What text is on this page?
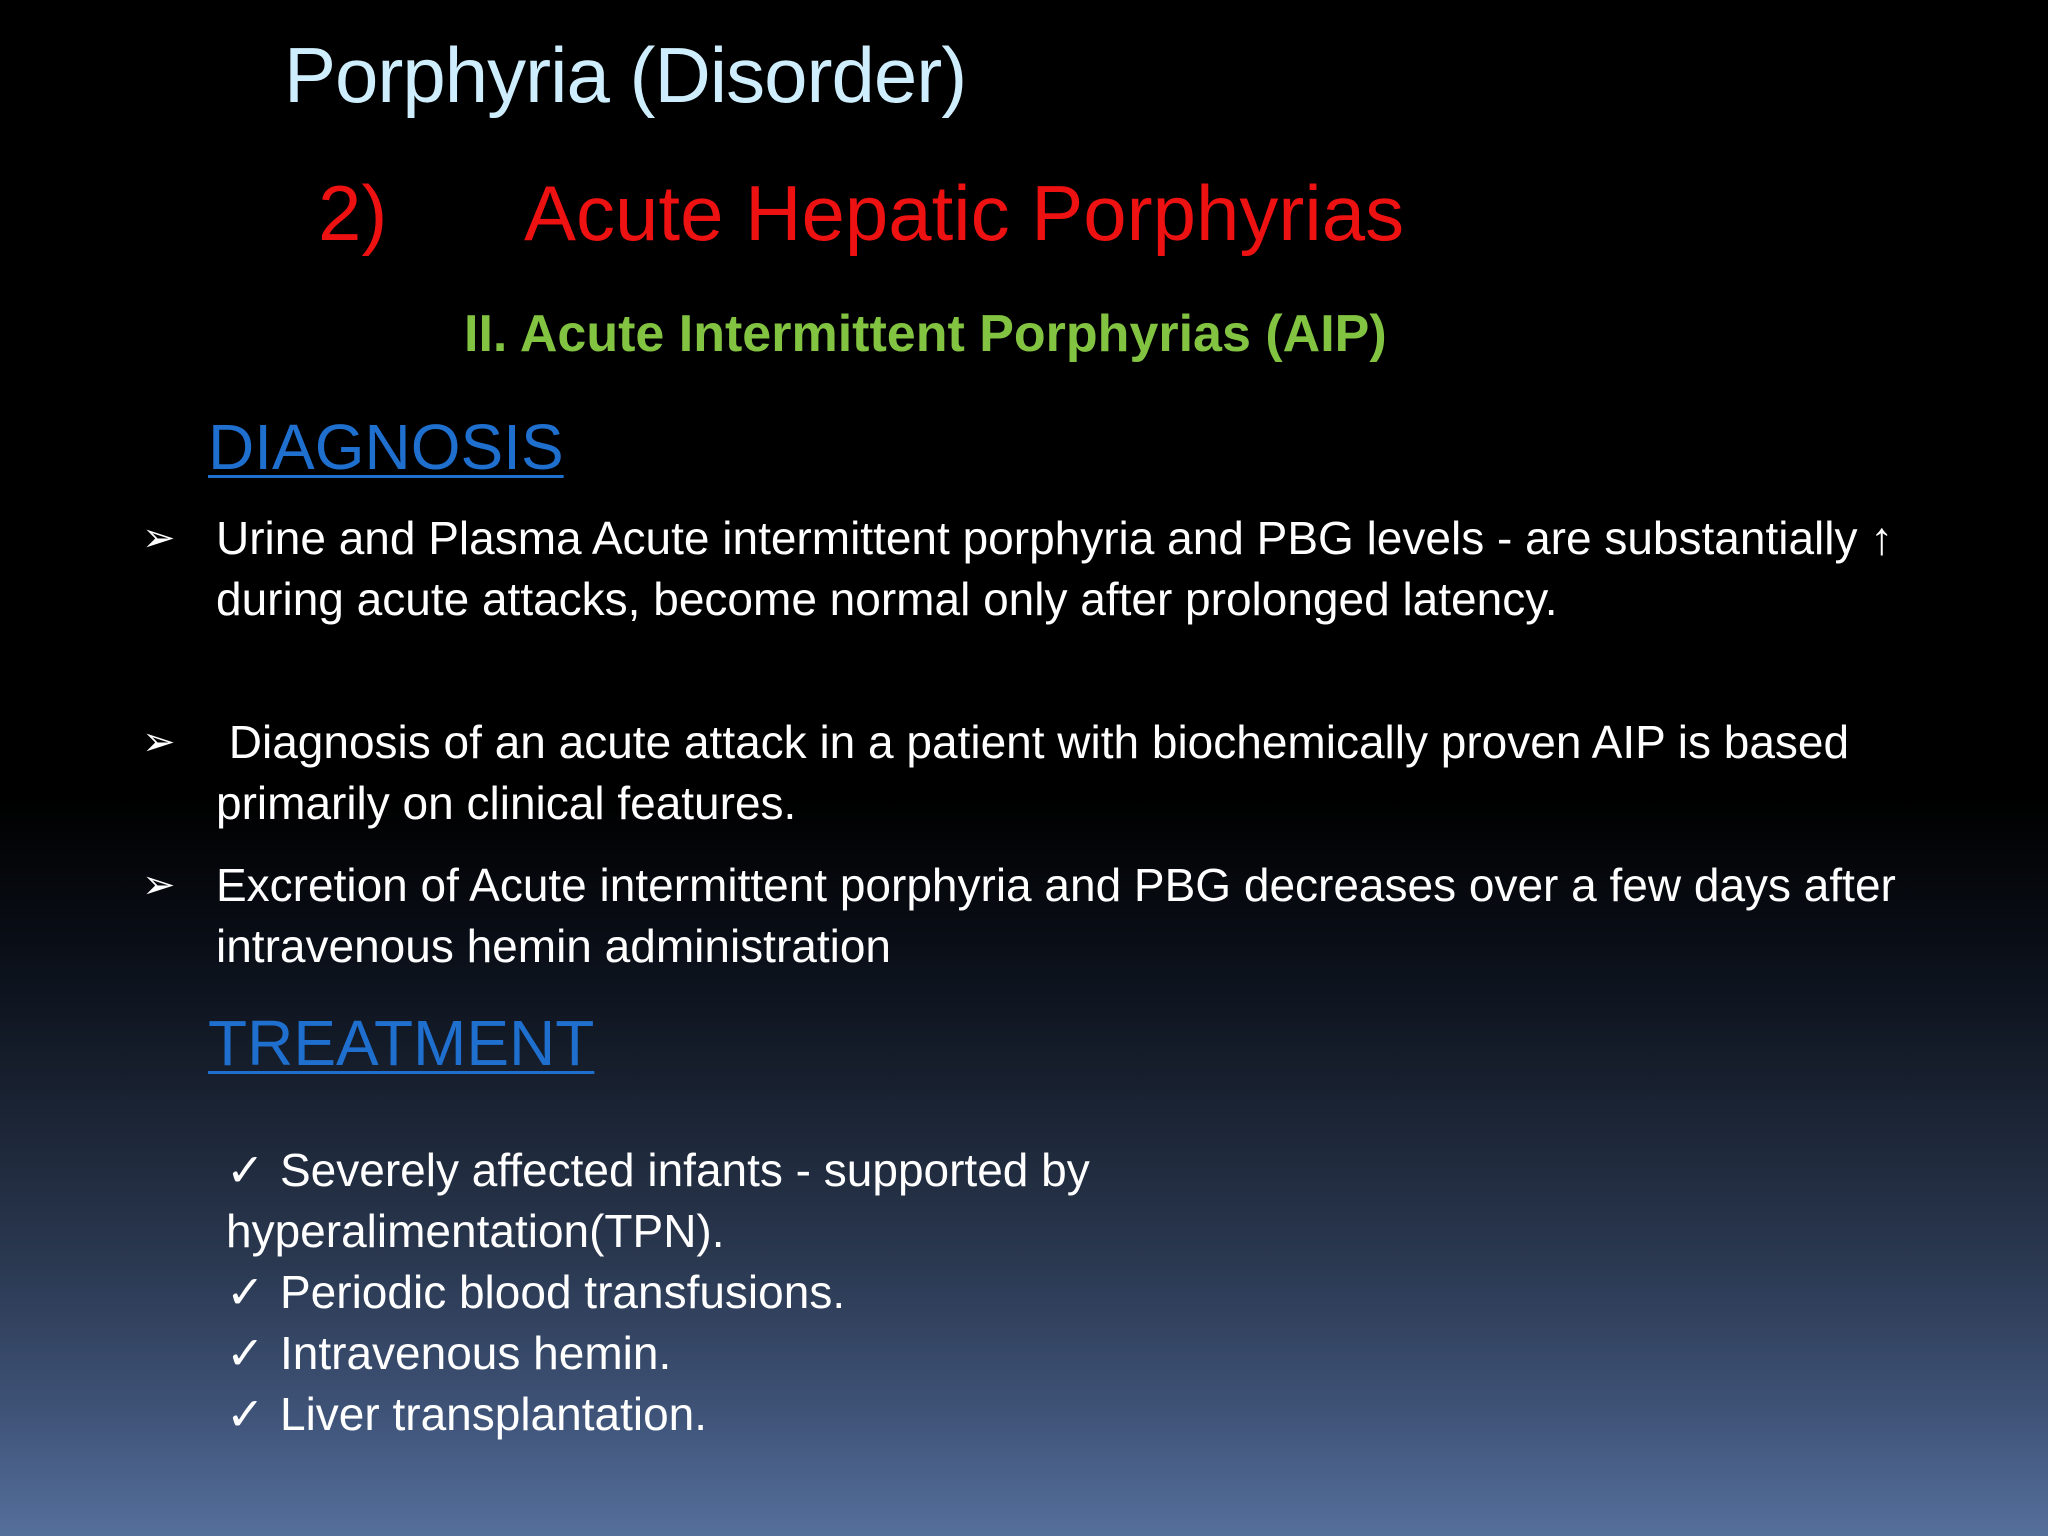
Porphyria (Disorder)
2) Acute Hepatic Porphyrias
II. Acute Intermittent Porphyrias (AIP)
DIAGNOSIS
➢ Urine and Plasma Acute intermittent porphyria and PBG levels - are substantially ↑ during acute attacks, become normal only after prolonged latency.
➢ Diagnosis of an acute attack in a patient with biochemically proven AIP is based primarily on clinical features.
➢ Excretion of Acute intermittent porphyria and PBG decreases over a few days after intravenous hemin administration
TREATMENT
✓ Severely affected infants - supported by
hyperalimentation(TPN).
✓ Periodic blood transfusions.
✓ Intravenous hemin.
✓ Liver transplantation.
